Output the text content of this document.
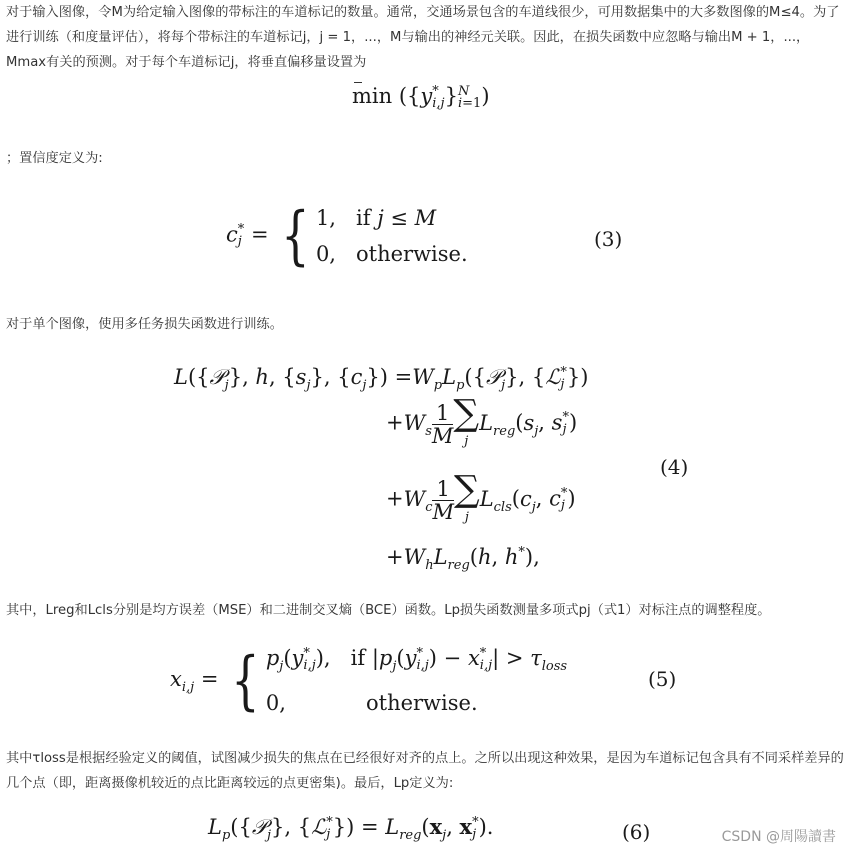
对于输入图像，令M为给定输入图像的带标注的车道标记的数量。通常，交通场景包含的车道线很少，可用数据集中的大多数图像的M≤4。为了进行训练（和度量评估），将每个带标注的车道标记j，j = 1，...，M与输出的神经元关联。因此，在损失函数中应忽略与输出M + 1，...，Mmax有关的预测。对于每个车道标记j，将垂直偏移量设置为
min ({y *
i,j} N
i=1)
；置信度定义为:
c *
j = { 1,   if j ≤ M
0,   otherwise.
(3)
对于单个图像，使用多任务损失函数进行训练。
L({𝒫$_j$}, h, $\{s_j\}$, $\{c_j\}$) $=W_pL_p(\{𝒫_j\}$, {ℒ *
j })
$+W_s \frac{1}{M}$ ∑
j
$L_{reg}(s_j$, s *
j )
$+W_c \frac{1}{M}$ ∑
j
$L_{cls}(c_j$, c *
j )
$+W_hL_{reg}(h$, h*),
(4)
其中，Lreg和Lcls分别是均方误差（MSE）和二进制交叉熵（BCE）函数。Lp损失函数测量多项式pj（式1）对标注点的调整程度。
$x_{i,j}$ = { $p_j(y$ *
i,j),   if $|p_j(y$ *
i,j) − x *
$i,j| > \tau_{loss}$
0,            otherwise.
(5)
其中τloss是根据经验定义的阈值，试图减少损失的焦点在已经很好对齐的点上。之所以出现这种效果，是因为车道标记包含具有不同采样差异的几个点（即，距离摄像机较近的点比距离较远的点更密集)。最后，Lp定义为:
$L_p(\{𝒫_j\}$, {ℒ *
j }) = $L_{reg}(x_j$, x *
j ).	(6)	CSDN @周陽讀書
